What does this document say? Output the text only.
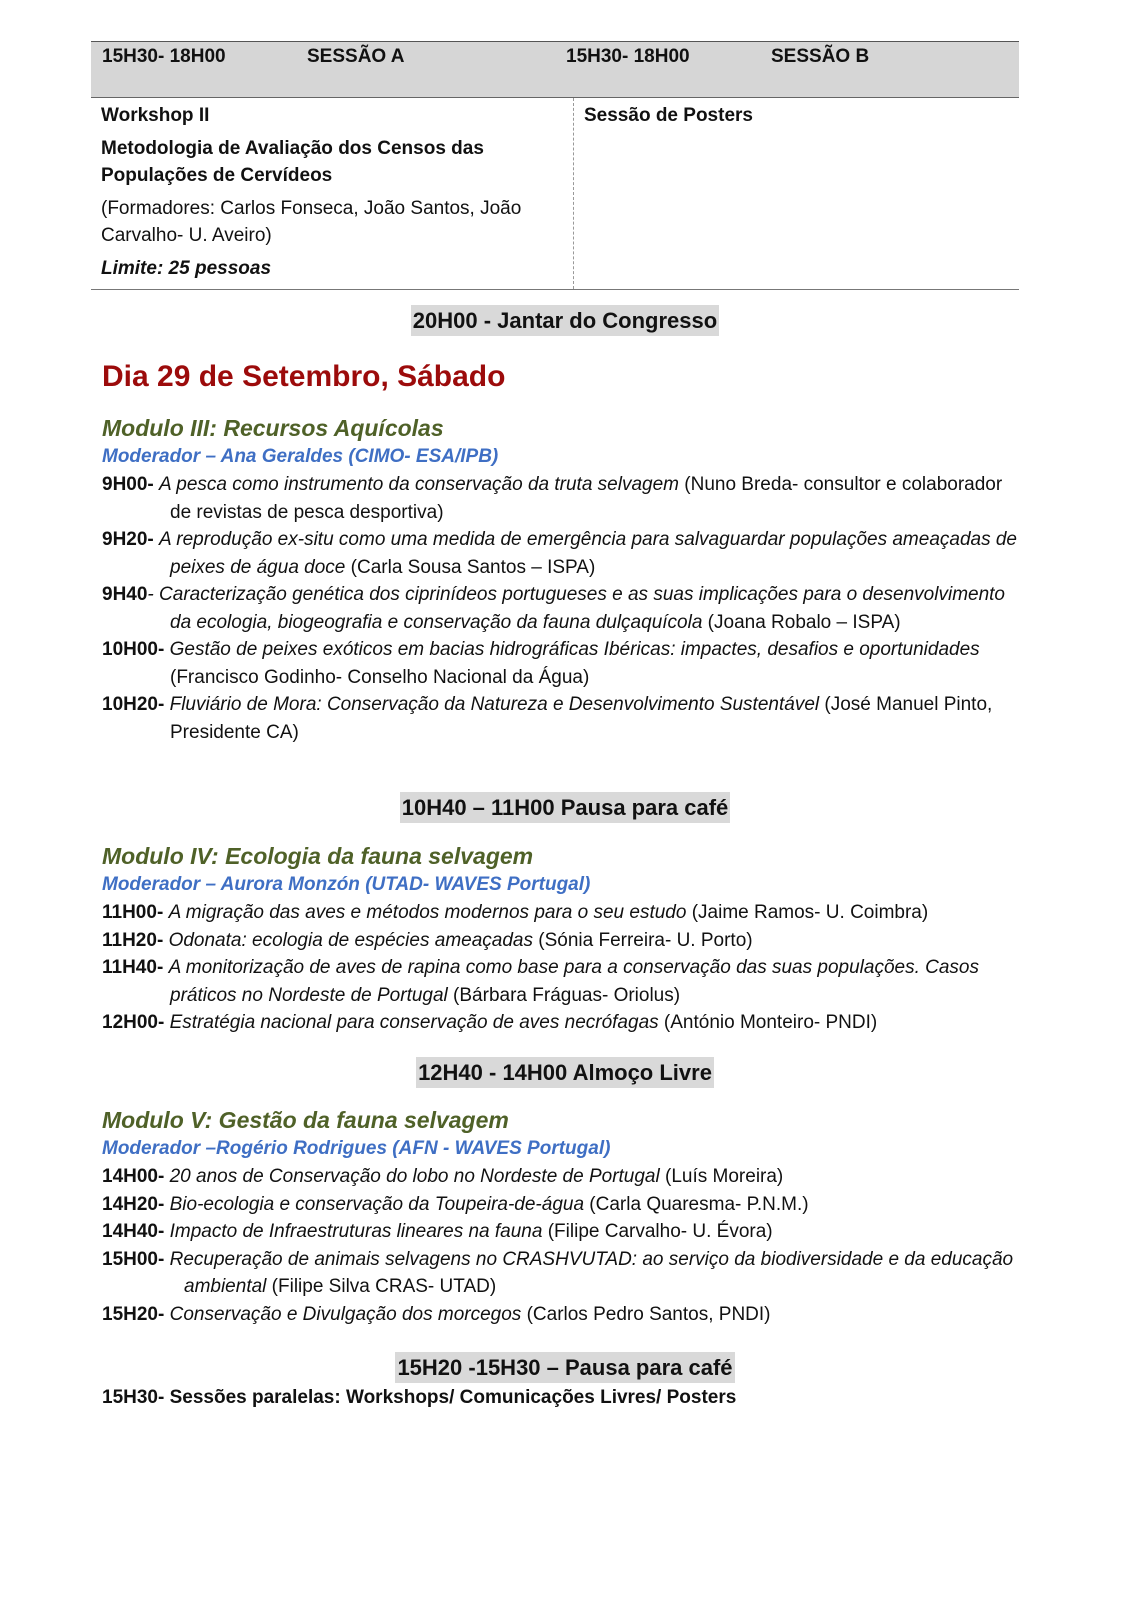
15H30- 18H00	SESSÃO A	15H30- 18H00	SESSÃO B

Workshop II

Metodologia de Avaliação dos Censos das Populações de Cervídeos

(Formadores: Carlos Fonseca, João Santos, João Carvalho- U. Aveiro)

Limite: 25 pessoas

Sessão de Posters

20H00 - Jantar do Congresso
Dia 29 de Setembro, Sábado

Modulo III: Recursos Aquícolas

Moderador – Ana Geraldes (CIMO- ESA/IPB)

9H00- A pesca como instrumento da conservação da truta selvagem (Nuno Breda- consultor e colaborador de revistas de pesca desportiva)

9H20- A reprodução ex-situ como uma medida de emergência para salvaguardar populações ameaçadas de peixes de água doce (Carla Sousa Santos – ISPA)

9H40- Caracterização genética dos ciprinídeos portugueses e as suas implicações para o desenvolvimento da ecologia, biogeografia e conservação da fauna dulçaquícola (Joana Robalo – ISPA)

10H00- Gestão de peixes exóticos em bacias hidrográficas Ibéricas: impactes, desafios e oportunidades (Francisco Godinho- Conselho Nacional da Água)

10H20- Fluviário de Mora: Conservação da Natureza e Desenvolvimento Sustentável (José Manuel Pinto, Presidente CA)

10H40 – 11H00 Pausa para café

Modulo IV: Ecologia da fauna selvagem

Moderador – Aurora Monzón (UTAD- WAVES Portugal)

11H00- A migração das aves e métodos modernos para o seu estudo (Jaime Ramos- U. Coimbra)

11H20- Odonata: ecologia de espécies ameaçadas (Sónia Ferreira- U. Porto)

11H40- A monitorização de aves de rapina como base para a conservação das suas populações. Casos práticos no Nordeste de Portugal (Bárbara Fráguas- Oriolus)

12H00- Estratégia nacional para conservação de aves necrófagas (António Monteiro- PNDI)

12H40 - 14H00 Almoço Livre

Modulo V: Gestão da fauna selvagem

Moderador –Rogério Rodrigues (AFN - WAVES Portugal)

14H00- 20 anos de Conservação do lobo no Nordeste de Portugal (Luís Moreira)

14H20- Bio-ecologia e conservação da Toupeira-de-água (Carla Quaresma- P.N.M.)

14H40- Impacto de Infraestruturas lineares na fauna (Filipe Carvalho- U. Évora)

15H00- Recuperação de animais selvagens no CRASHVUTAD: ao serviço da biodiversidade e da educação ambiental (Filipe Silva CRAS- UTAD)

15H20- Conservação e Divulgação dos morcegos (Carlos Pedro Santos, PNDI)

15H20 -15H30 – Pausa para café
15H30- Sessões paralelas: Workshops/ Comunicações Livres/ Posters
